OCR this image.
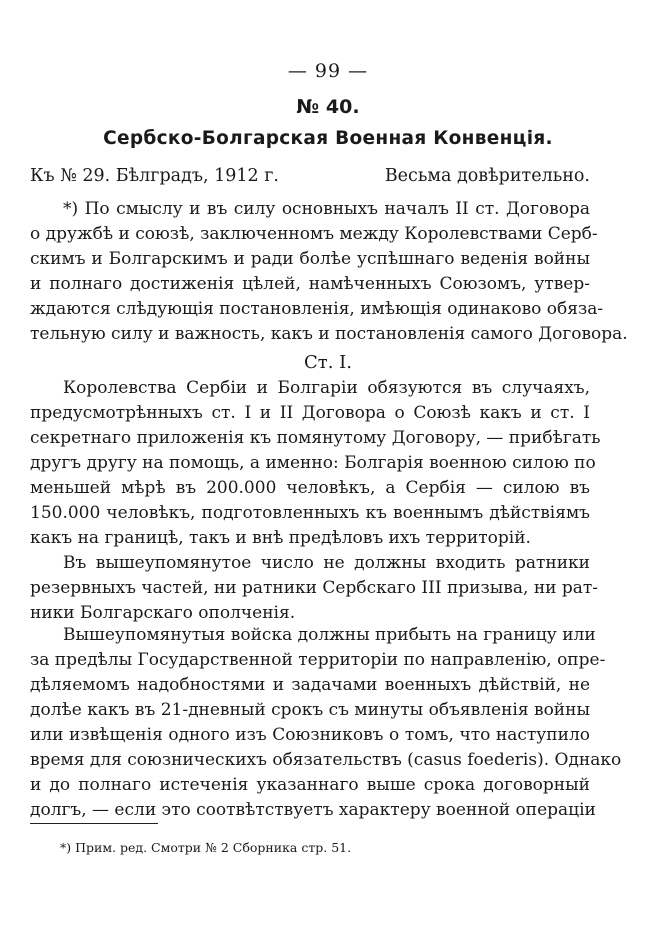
— 99 —
№ 40.
Сербско-Болгарская Военная Конвенція.
Къ № 29. Бѣлградъ, 1912 г.	Весьма довѣрительно.
*) По смыслу и въ силу основныхъ началъ II ст. Договора
о дружбѣ и союзѣ, заключенномъ между Королевствами Серб-
скимъ и Болгарскимъ и ради болѣе успѣшнаго веденія войны
и полнаго достиженія цѣлей, намѣченныхъ Союзомъ, утвер-
ждаются слѣдующія постановленія, имѣющія одинаково обяза-
тельную силу и важность, какъ и постановленія самого Договора.
Ст. I.
Королевства Сербіи и Болгаріи обязуются въ случаяхъ,
предусмотрѣнныхъ ст. I и II Договора о Союзѣ какъ и ст. I
секретнаго приложенія къ помянутому Договору, — прибѣгать
другъ другу на помощь, а именно: Болгарія военною силою по
меньшей мѣрѣ въ 200.000 человѣкъ, а Сербія — силою въ
150.000 человѣкъ, подготовленныхъ къ военнымъ дѣйствіямъ
какъ на границѣ, такъ и внѣ предѣловъ ихъ территорій.
Въ вышеупомянутое число не должны входить ратники
резервныхъ частей, ни ратники Сербскаго III призыва, ни рат-
ники Болгарскаго ополченія.
Вышеупомянутыя войска должны прибыть на границу или
за предѣлы Государственной территоріи по направленію, опре-
дѣляемомъ надобностями и задачами военныхъ дѣйствій, не
долѣе какъ въ 21-дневный срокъ съ минуты объявленія войны
или извѣщенія одного изъ Союзниковъ о томъ, что наступило
время для союзническихъ обязательствъ (casus foederis). Однако
и до полнаго истеченія указаннаго выше срока договорный
долгъ, — если это соотвѣтствуетъ характеру военной операціи
*) Прим. ред. Смотри № 2 Сборника стр. 51.
